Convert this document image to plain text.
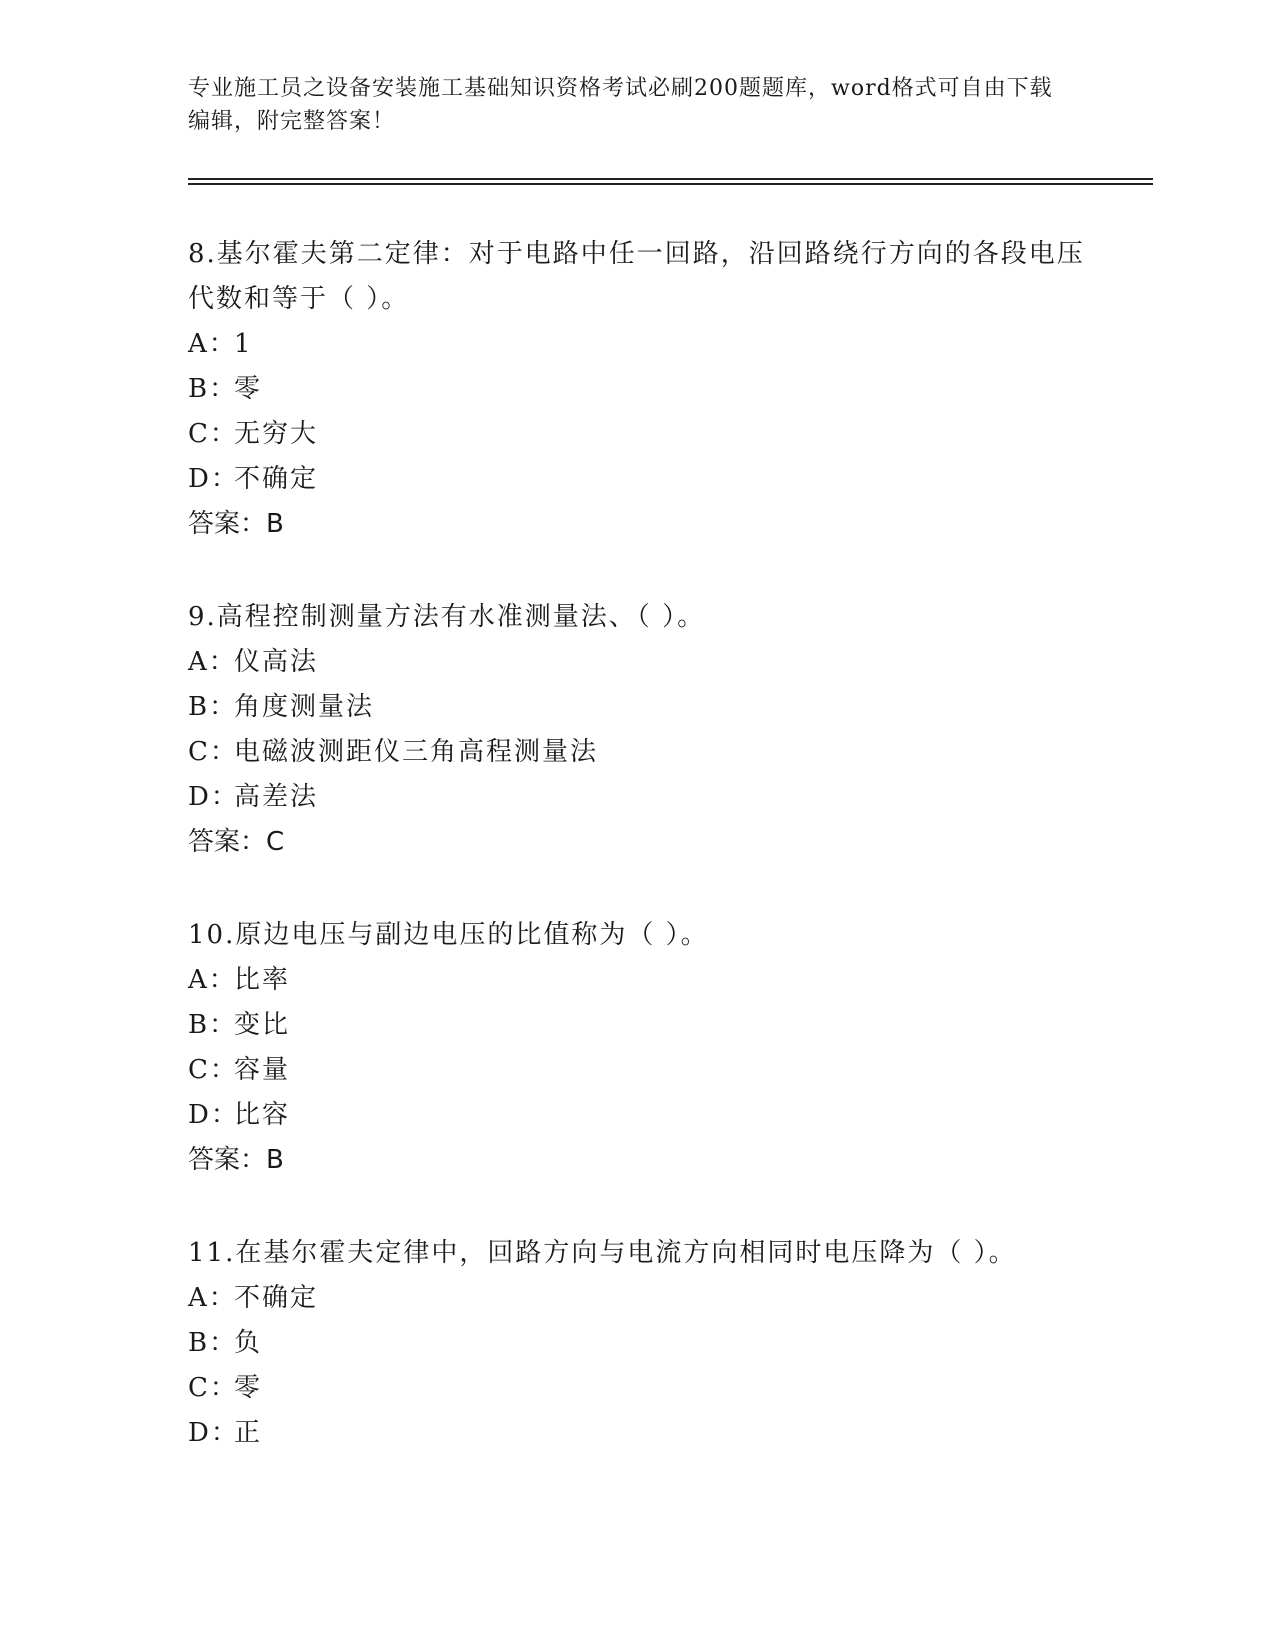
专业施工员之设备安装施工基础知识资格考试必刷200题题库，word格式可自由下载编辑，附完整答案！
8.基尔霍夫第二定律：对于电路中任一回路，沿回路绕行方向的各段电压代数和等于（ ）。
A：1
B：零
C：无穷大
D：不确定
答案：B
9.高程控制测量方法有水准测量法、（ ）。
A：仪高法
B：角度测量法
C：电磁波测距仪三角高程测量法
D：高差法
答案：C
10.原边电压与副边电压的比值称为（ ）。
A：比率
B：变比
C：容量
D：比容
答案：B
11.在基尔霍夫定律中，回路方向与电流方向相同时电压降为（ ）。
A：不确定
B：负
C：零
D：正
